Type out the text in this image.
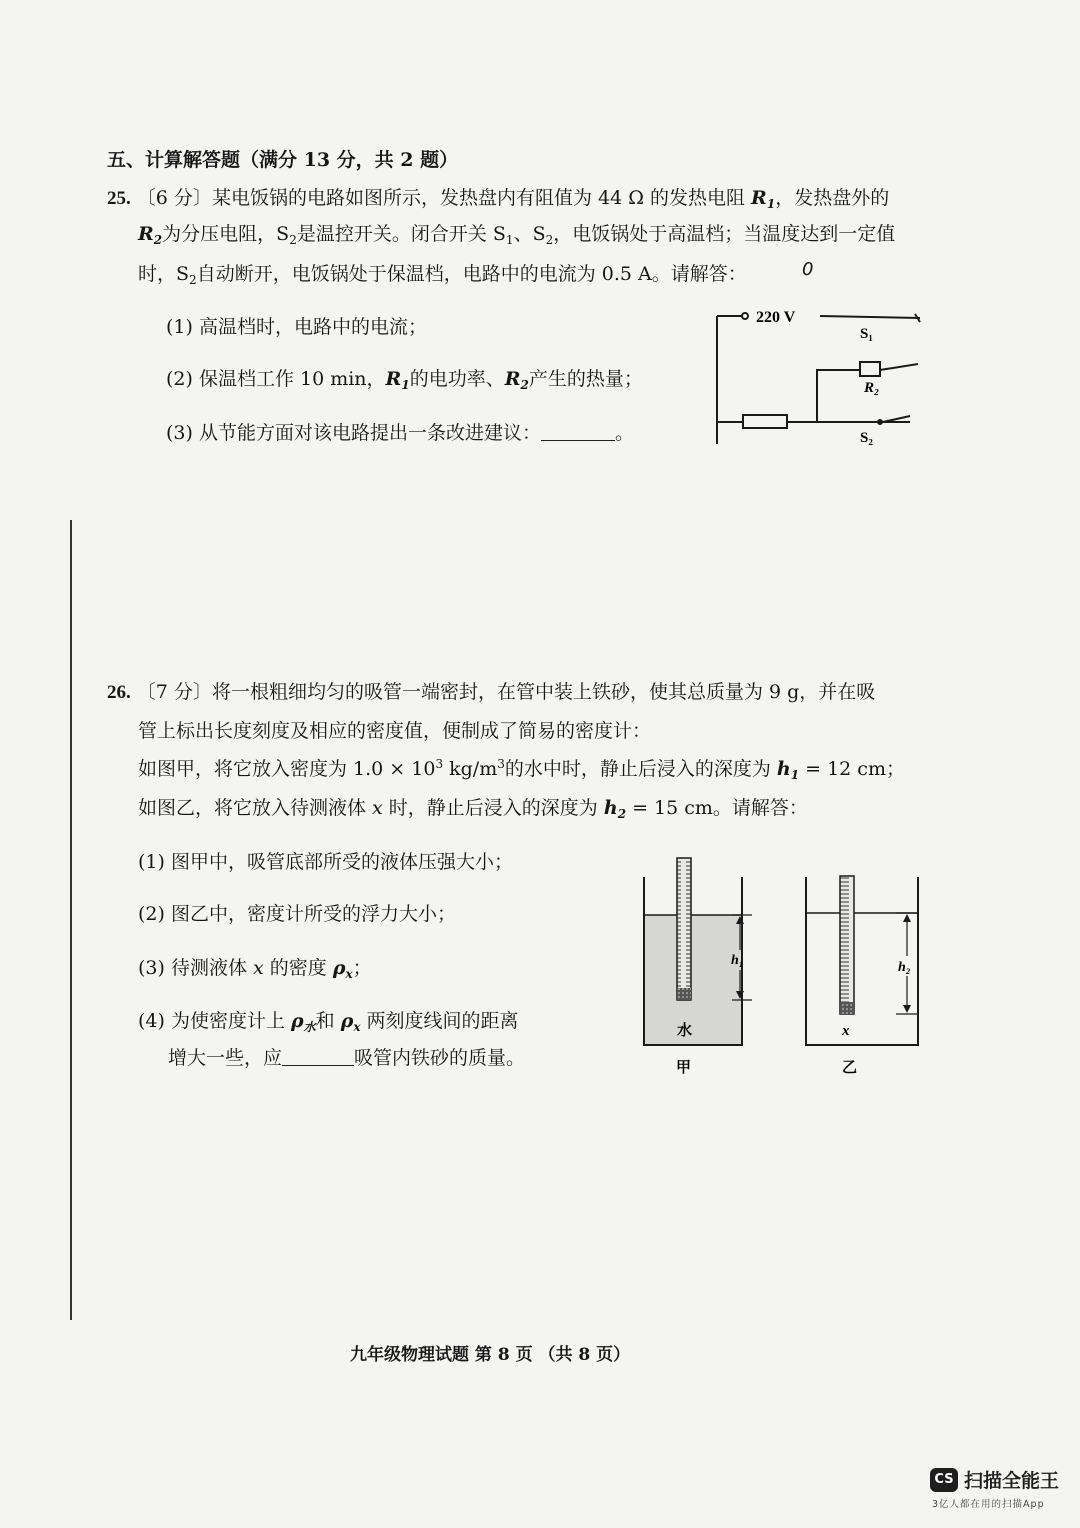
五、计算解答题（满分 13 分，共 2 题）
25. 〔6 分〕某电饭锅的电路如图所示，发热盘内有阻值为 44 Ω 的发热电阻 $R_1$，发热盘外的
$R_2$为分压电阻，$S_2$是温控开关。闭合开关 $S_1$、$S_2$，电饭锅处于高温档；当温度达到一定值
时，$S_2$自动断开，电饭锅处于保温档，电路中的电流为 0.5 A。请解答：	0
(1) 高温档时，电路中的电流；
(2) 保温档工作 10 min，$R_1$的电功率、$R_2$产生的热量；
(3) 从节能方面对该电路提出一条改进建议：	。
220 V
S₁
R₂
S₂
26. 〔7 分〕将一根粗细均匀的吸管一端密封，在管中装上铁砂，使其总质量为 9 g，并在吸
管上标出长度刻度及相应的密度值，便制成了简易的密度计：
如图甲，将它放入密度为 $1.0 \times 10^3$ $kg/m^3$的水中时，静止后浸入的深度为 $h_1 = 12$ cm；
如图乙，将它放入待测液体 x 时，静止后浸入的深度为 $h_2 = 15$ cm。请解答：
(1) 图甲中，吸管底部所受的液体压强大小；
(2) 图乙中，密度计所受的浮力大小；
(3) 待测液体 x 的密度 $\rho_x$；
(4) 为使密度计上 $\rho_水$和 $\rho_x$ 两刻度线间的距离
增大一些，应	吸管内铁砂的质量。
h₁
水
甲
h₂
x
乙
九年级物理试题 第 8 页 （共 8 页）
CS 扫描全能王
3亿人都在用的扫描App
